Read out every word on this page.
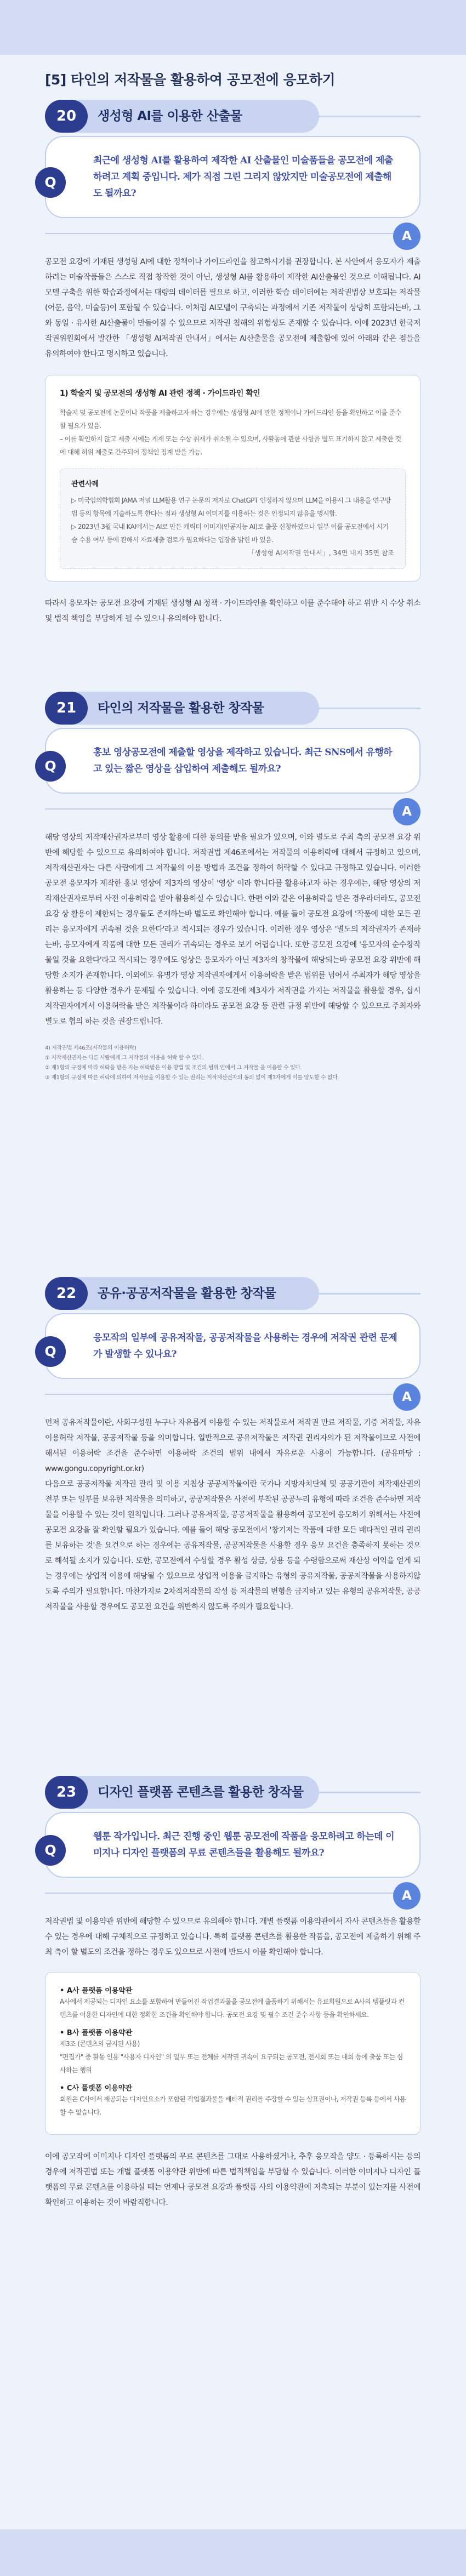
[5] 타인의 저작물을 활용하여 공모전에 응모하기
20	생성형 AI를 이용한 산출물
Q
최근에 생성형 AI를 활용하여 제작한 AI 산출물인 미술품들을 공모전에 제출하려고 계획 중입니다. 제가 직접 그린 그리지 않았지만 미술공모전에 제출해도 될까요?
A
공모전 요강에 기재된 생성형 AI에 대한 정책이나 가이드라인을 참고하시기를 권장합니다. 본 사안에서 응모자가 제출하려는 미술작품들은 스스로 직접 창작한 것이 아닌, 생성형 AI를 활용하여 제작한 AI산출물인 것으로 이해됩니다. AI모델 구축을 위한 학습과정에서는 대량의 데이터를 필요로 하고, 이러한 학습 데이터에는 저작권법상 보호되는 저작물(어문, 음악, 미술등)이 포함될 수 있습니다. 이처럼 AI모델이 구축되는 과정에서 기존 저작물이 상당히 포함되는바, 그와 동일 · 유사한 AI산출물이 만들어질 수 있으므로 저작권 침해의 위험성도 존재할 수 있습니다. 이에 2023년 한국저작권위원회에서 발간한 「생성형 AI저작권 안내서」에서는 AI산출물을 공모전에 제출함에 있어 아래와 같은 점들을 유의하여야 한다고 명시하고 있습니다.
1) 학술지 및 공모전의 생성형 AI 관련 정책 · 가이드라인 확인
학술지 및 공모전에 논문이나 작품을 제출하고자 하는 경우에는 생성형 AI에 관한 정책이나 가이드라인 등을 확인하고 이를 준수할 필요가 있음.
– 이를 확인하지 않고 제출 시에는 게재 또는 수상 취재가 취소될 수 있으며, 사활동에 관한 사항을 별도 표기하지 않고 제출한 것에 대해 허위 제출로 간주되어 정책인 징계 받을 가능.
관련사례
▷ 미국임의학협회 JAMA 저널 LLM활용 연구 논문의 저자로 ChatGPT 인정하지 않으며 LLM을 이용시 그 내용을 연구방법 등의 항목에 기술하도록 한다는 점과 생성형 AI 이미지를 이용하는 것은 인정되지 않음을 명시함.
▷ 2023년 3월 국내 KAI에서는 AI로 만든 캐릭터 이미지(인공지능 AI)로 출품 신청하였으나 일부 이를 공모전에서 시기슴 수용 여부 등에 관해서 자료제출 검토가 필요하다는 입장을 밝힌 바 있음.
「생성형 AI저작권 안내서」, 34면 내지 35면 참조
따라서 응모자는 공모전 요강에 기재된 생성형 AI 정책 · 가이드라인을 확인하고 이를 준수해야 하고 위반 시 수상 취소 및 법적 책임을 부담하게 될 수 있으니 유의해야 합니다.
21	타인의 저작물을 활용한 창작물
Q
홍보 영상공모전에 제출할 영상을 제작하고 있습니다. 최근 SNS에서 유행하고 있는 짧은 영상을 삽입하여 제출해도 될까요?
A
해당 영상의 저작재산권자로부터 영상 활용에 대한 동의를 받을 필요가 있으며, 이와 별도로 주최 측의 공모전 요강 위반에 해당할 수 있으므로 유의하여야 합니다. 저작권법 제46조에서는 저작물의 이용허락에 대해서 규정하고 있으며, 저작재산권자는 다른 사람에게 그 저작물의 이용 방법과 조건을 정하여 허락할 수 있다고 규정하고 있습니다. 이러한 공모전 응모자가 제작한 홍보 영상에 제3자의 영상이 '영상' 이라 합니다를 활용하고자 하는 경우에는, 해당 영상의 저작재산권자로부터 사전 이용허락을 받아 활용하실 수 있습니다. 한편 이와 같은 이용허락을 받은 경우라더라도, 공모전 요강 상 활용이 제한되는 경우들도 존재하는바 별도로 확인해야 합니다. 예를 들어 공모전 요강에 '작품에 대한 모든 권리는 응모자에게 귀속될 것을 요한다'라고 적시되는 경우가 있습니다. 이러한 경우 영상은 '별도의 저작권자가 존재하는바, 응모자에게 작품에 대한 모든 권리가 귀속되는 경우로 보기 어렵습니다. 또한 공모전 요강에 '응모자의 순수창작물일 것을 요한다'라고 적시되는 경우에도 영상은 응모자가 아닌 제3자의 창작물에 해당되는바 공모전 요강 위반에 해당할 소지가 존재합니다. 이외에도 유명가 영상 저작권자에게서 이용허락을 받은 범위를 넘어서 주최자가 해당 영상을 활용하는 등 다양한 경우가 문제될 수 있습니다. 이에 공모전에 제3자가 저작권을 가지는 저작물을 활용할 경우, 삽시 저작권자에게서 이용허락을 받은 저작물이라 하더라도 공모전 요강 등 관련 규정 위반에 해당할 수 있으므로 주최자와 별도로 협의 하는 것을 권장드립니다.
4) 저작권법 제46조(저작물의 이용허락)
① 저작재산권자는 다른 사람에게 그 저작물의 이용을 허락 할 수 있다.
② 제1항의 규정에 따라 허락을 받은 자는 허락받은 이용 방법 및 조건의 범위 안에서 그 저작물 을 이용할 수 있다.
③ 제1항의 규정에 따른 허락에 의하여 저작물을 이용할 수 있는 권리는 저작재산권자의 동의 없이 제3자에게 이를 양도할 수 없다.
22	공유·공공저작물을 활용한 창작물
Q
응모작의 일부에 공유저작물, 공공저작물을 사용하는 경우에 저작권 관련 문제가 발생할 수 있나요?
A
먼저 공유저작물이란, 사회구성원 누구나 자유롭게 이용할 수 있는 저작물로서 저작권 만료 저작물, 기증 저작물, 자유이용허락 저작물, 공공저작물 등을 의미합니다. 일반적으로 공유저작물은 저작권 권리자의가 된 저작물이므로 사전에 해서된 이용허락 조건을 준수하면 이용허락 조건의 범위 내에서 자유로운 사용이 가능합니다. (공유마당 : www.gongu.copyright.or.kr)
다음으로 공공저작물 저작권 관리 및 이용 지침상 공공저작물이란 국가나 지방자치단체 및 공공기관이 저작재산권의 전부 또는 일부를 보유한 저작물을 의미하고, 공공저작물은 사전에 부착된 공공누리 유형에 따라 조건을 준수하면 저작물을 이용할 수 있는 것이 원칙입니다. 그러나 공유저작물, 공공저작물을 활용하여 공모전에 응모하기 위해서는 사전에 공모전 요강을 잘 확인할 필요가 있습니다. 예를 들어 해당 공모전에서 '창기저는 작품에 대한 모든 배타적인 권리 권리를 보유하는 것'을 요건으로 하는 경우에는 공유저작물, 공공저작물을 사용할 경우 응모 요건을 충족하지 못하는 것으로 해석될 소지가 있습니다. 또한, 공모전에서 수상할 경우 활성 상금, 상용 등을 수령함으로써 재산상 이익을 얻게 되는 경우에는 상업적 이용에 해당될 수 있으므로 상업적 이용을 금지하는 유형의 공유저작물, 공공저작물을 사용하지않도록 주의가 필요합니다. 마찬가지로 2차적저작물의 작성 등 저작물의 변형을 금지하고 있는 유형의 공유저작물, 공공저작물을 사용할 경우에도 공모전 요건을 위반하지 않도록 주의가 필요합니다.
23	디자인 플랫폼 콘텐츠를 활용한 창작물
Q
웹툰 작가입니다. 최근 진행 중인 웹툰 공모전에 작품을 응모하려고 하는데 이미지나 디자인 플랫폼의 무료 콘텐츠들을 활용해도 될까요?
A
저작권법 및 이용약관 위반에 해당할 수 있으므로 유의해야 합니다. 개별 플랫폼 이용약관에서 자사 콘텐츠들을 활용할 수 있는 경우에 대해 구체적으로 규정하고 있습니다. 특히 플랫폼 콘텐츠를 활용한 작품을, 공모전에 제출하기 위해 주최 측이 할 별도의 조건을 정하는 경우도 있으므로 사전에 반드시 이를 확인해야 합니다.
• A사 플랫폼 이용약관
A사에서 제공되는 디자인 요소를 포함하여 만들어진 작업결과물을 공모전에 출품하기 위해서는 유료회원으로 A사의 템플릿과 컨텐츠를 이용한 디자인에 대한 정확한 조건을 확인해야 합니다. 공모전 요강 및 필수 조건 준수 사항 등을 확인하세요.
• B사 플랫폼 이용약관
제3조 (콘텐츠의 금지된 사용)
"편집가" 중 활동 인용 "사용자 디자인" 의 일부 또는 전체를 저작권 귀속이 요구되는 공모전, 전시회 또는 대회 등에 출품 또는 심사하는 행위
• C사 플랫폼 이용약관
회원은 C사에서 제공되는 디자인요소가 포함된 작업결과물을 배타적 권리를 주장할 수 있는 상표권이나, 저작권 등록 등에서 사용할 수 없습니다.
이에 공모작에 이미지나 디자인 플랫폼의 무료 콘텐츠를 그대로 사용하셨거나, 추후 응모작을 양도 · 등록하시는 등의 경우에 저작권법 또는 개별 플랫폼 이용약관 위반에 따른 법적책임을 부담할 수 있습니다. 이러한 이미지나 디자인 플랫폼의 무료 콘텐츠를 이용하실 때는 언제나 공모전 요강과 플랫폼 사의 이용약관에 저촉되는 부분이 있는지를 사전에 확인하고 이용하는 것이 바람직합니다.
